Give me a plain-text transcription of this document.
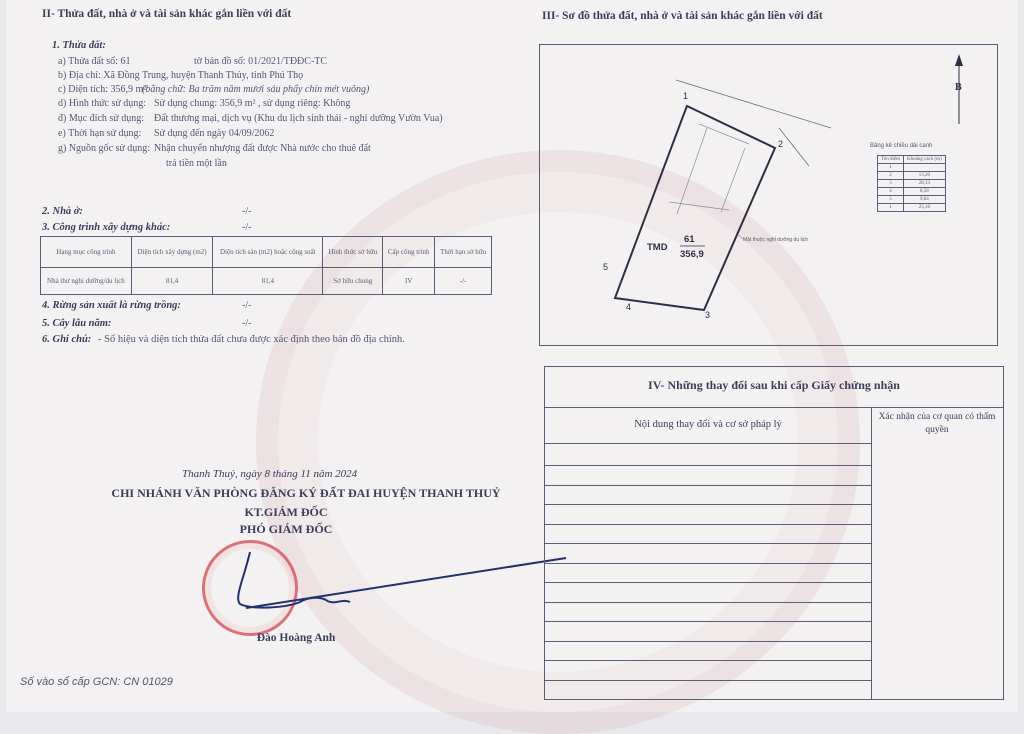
II- Thửa đất, nhà ở và tài sản khác gắn liền với đất
1. Thửa đất:
a) Thửa đất số: 61	tờ bản đồ số: 01/2021/TĐĐC-TC
b) Địa chỉ: Xã Đồng Trung, huyện Thanh Thủy, tỉnh Phú Thọ
c) Diện tích: 356,9 m²(bằng chữ: Ba trăm năm mươi sáu phẩy chín mét vuông)
d) Hình thức sử dụng: Sử dụng chung: 356,9 m² , sử dụng riêng: Không
đ) Mục đích sử dụng: Đất thương mại, dịch vụ (Khu du lịch sinh thái - nghỉ dưỡng Vườn Vua)
e) Thời hạn sử dụng: Sử dụng đến ngày 04/09/2062
g) Nguồn gốc sử dụng: Nhận chuyển nhượng đất được Nhà nước cho thuê đất
trả tiền một lần
2. Nhà ở:	-/-
3. Công trình xây dựng khác:	-/-
Hạng mục công trình	Diện tích xây dựng (m2)	Diện tích sàn (m2) hoặc công suất	Hình thức sở hữu	Cấp công trình	Thời hạn sở hữu
Nhà thư nghỉ dưỡng/du lịch	81,4	81,4	Sở hữu chung	IV	-/-
4. Rừng sản xuất là rừng trồng:	-/-
5. Cây lâu năm:	-/-
6. Ghi chú: - Số hiệu và diện tích thửa đất chưa được xác định theo bản đồ địa chính.
Thanh Thuỷ, ngày 8 tháng 11 năm 2024
CHI NHÁNH VĂN PHÒNG ĐĂNG KÝ ĐẤT ĐAI HUYỆN THANH THUỶ
KT.GIÁM ĐỐC
PHÓ GIÁM ĐỐC
Đào Hoàng Anh
Số vào sổ cấp GCN: CN 01029
III- Sơ đồ thửa đất, nhà ở và tài sản khác gắn liền với đất
1
2
3
4
5
TMD
61
356,9
Mặt thuộc nghỉ dưỡng du lịch
B
Bảng kê chiều dài cạnh
Tên điểm	Khoảng cách (m)
1	
2	13,20
3	28,13
4	8,58
5	9,84
1	25,16
IV- Những thay đổi sau khi cấp Giấy chứng nhận
Nội dung thay đổi và cơ sở pháp lý
Xác nhận của cơ quan có thẩm quyền
